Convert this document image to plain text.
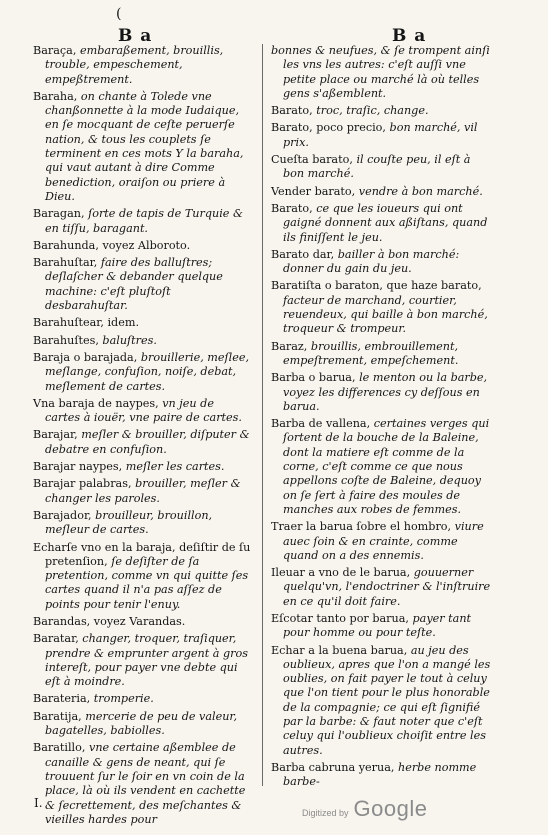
(
B a	B a

Baraça, embaraßement, brouillis, trouble, empeschement, empeßtrement.

Baraha, on chante à Tolede vne chanßonnette à la mode Iudaique, en ſe mocquant de ceſte peruerſe nation, & tous les couplets ſe terminent en ces mots Y la baraha, qui vaut autant à dire Comme benediction, oraiſon ou priere à Dieu.

Baragan, ſorte de tapis de Turquie & en tiſſu, baragant.

Barahunda, voyez Alboroto.

Barahuſtar, faire des balluſtres; deſlaſcher & debander quelque machine: c'eſt pluſtoſt desbarahuſtar.

Barahuſtear, idem.

Barahuſtes, baluſtres.

Baraja o barajada, brouillerie, meſlee, meſlange, confuſion, noiſe, debat, meſlement de cartes.

Vna baraja de naypes, vn jeu de cartes à iouër, vne paire de cartes.

Barajar, meſler & brouiller, diſputer & debatre en confuſion.

Barajar naypes, meſler les cartes.

Barajar palabras, brouiller, meſler & changer les paroles.

Barajador, brouilleur, brouillon, meſleur de cartes.

Echarſe vno en la baraja, deſiſtir de ſu pretenſion, ſe deſiſter de ſa pretention, comme vn qui quitte ſes cartes quand il n'a pas aſſez de points pour tenir l'enuy.

Barandas, voyez Varandas.

Baratar, changer, troquer, traſiquer, prendre & emprunter argent à gros intereſt, pour payer vne debte qui eſt à moindre.

Barateria, tromperie.

Baratija, mercerie de peu de valeur, bagatelles, babiolles.

Baratillo, vne certaine aßemblee de canaille & gens de neant, qui ſe trouuent ſur le ſoir en vn coin de la place, là où ils vendent en cachette & ſecrettement, des meſchantes & vieilles hardes pour

bonnes & neufues, & ſe trompent ainſi les vns les autres: c'eſt auſſi vne petite place ou marché là où telles gens s'aßemblent.

Barato, troc, traſic, change.

Barato, poco precio, bon marché, vil prix.

Cueſta barato, il couſte peu, il eſt à bon marché.

Vender barato, vendre à bon marché.

Barato, ce que les ioueurs qui ont gaigné donnent aux aßiſtans, quand ils finiſſent le jeu.

Barato dar, bailler à bon marché: donner du gain du jeu.

Baratiſta o baraton, que haze barato, facteur de marchand, courtier, reuendeux, qui baille à bon marché, troqueur & trompeur.

Baraz, brouillis, embrouillement, empeſtrement, empeſchement.

Barba o barua, le menton ou la barbe, voyez les differences cy deſſous en barua.

Barba de vallena, certaines verges qui ſortent de la bouche de la Baleine, dont la matiere eſt comme de la corne, c'eſt comme ce que nous appellons coſte de Baleine, dequoy on ſe ſert à faire des moules de manches aux robes de femmes.

Traer la barua ſobre el hombro, viure auec ſoin & en crainte, comme quand on a des ennemis.

Ileuar a vno de le barua, gouuerner quelqu'vn, l'endoctriner & l'inſtruire en ce qu'il doit faire.

Eſcotar tanto por barua, payer tant pour homme ou pour teſte.

Echar a la buena barua, au jeu des oublieux, apres que l'on a mangé les oublies, on fait payer le tout à celuy que l'on tient pour le plus honorable de la compagnie; ce qui eſt ſignifié par la barbe: & faut noter que c'eſt celuy qui l'oublieux choiſit entre les autres.

Barba cabruna yerua, herbe nomme barbe-

I.
Digitized by Google
